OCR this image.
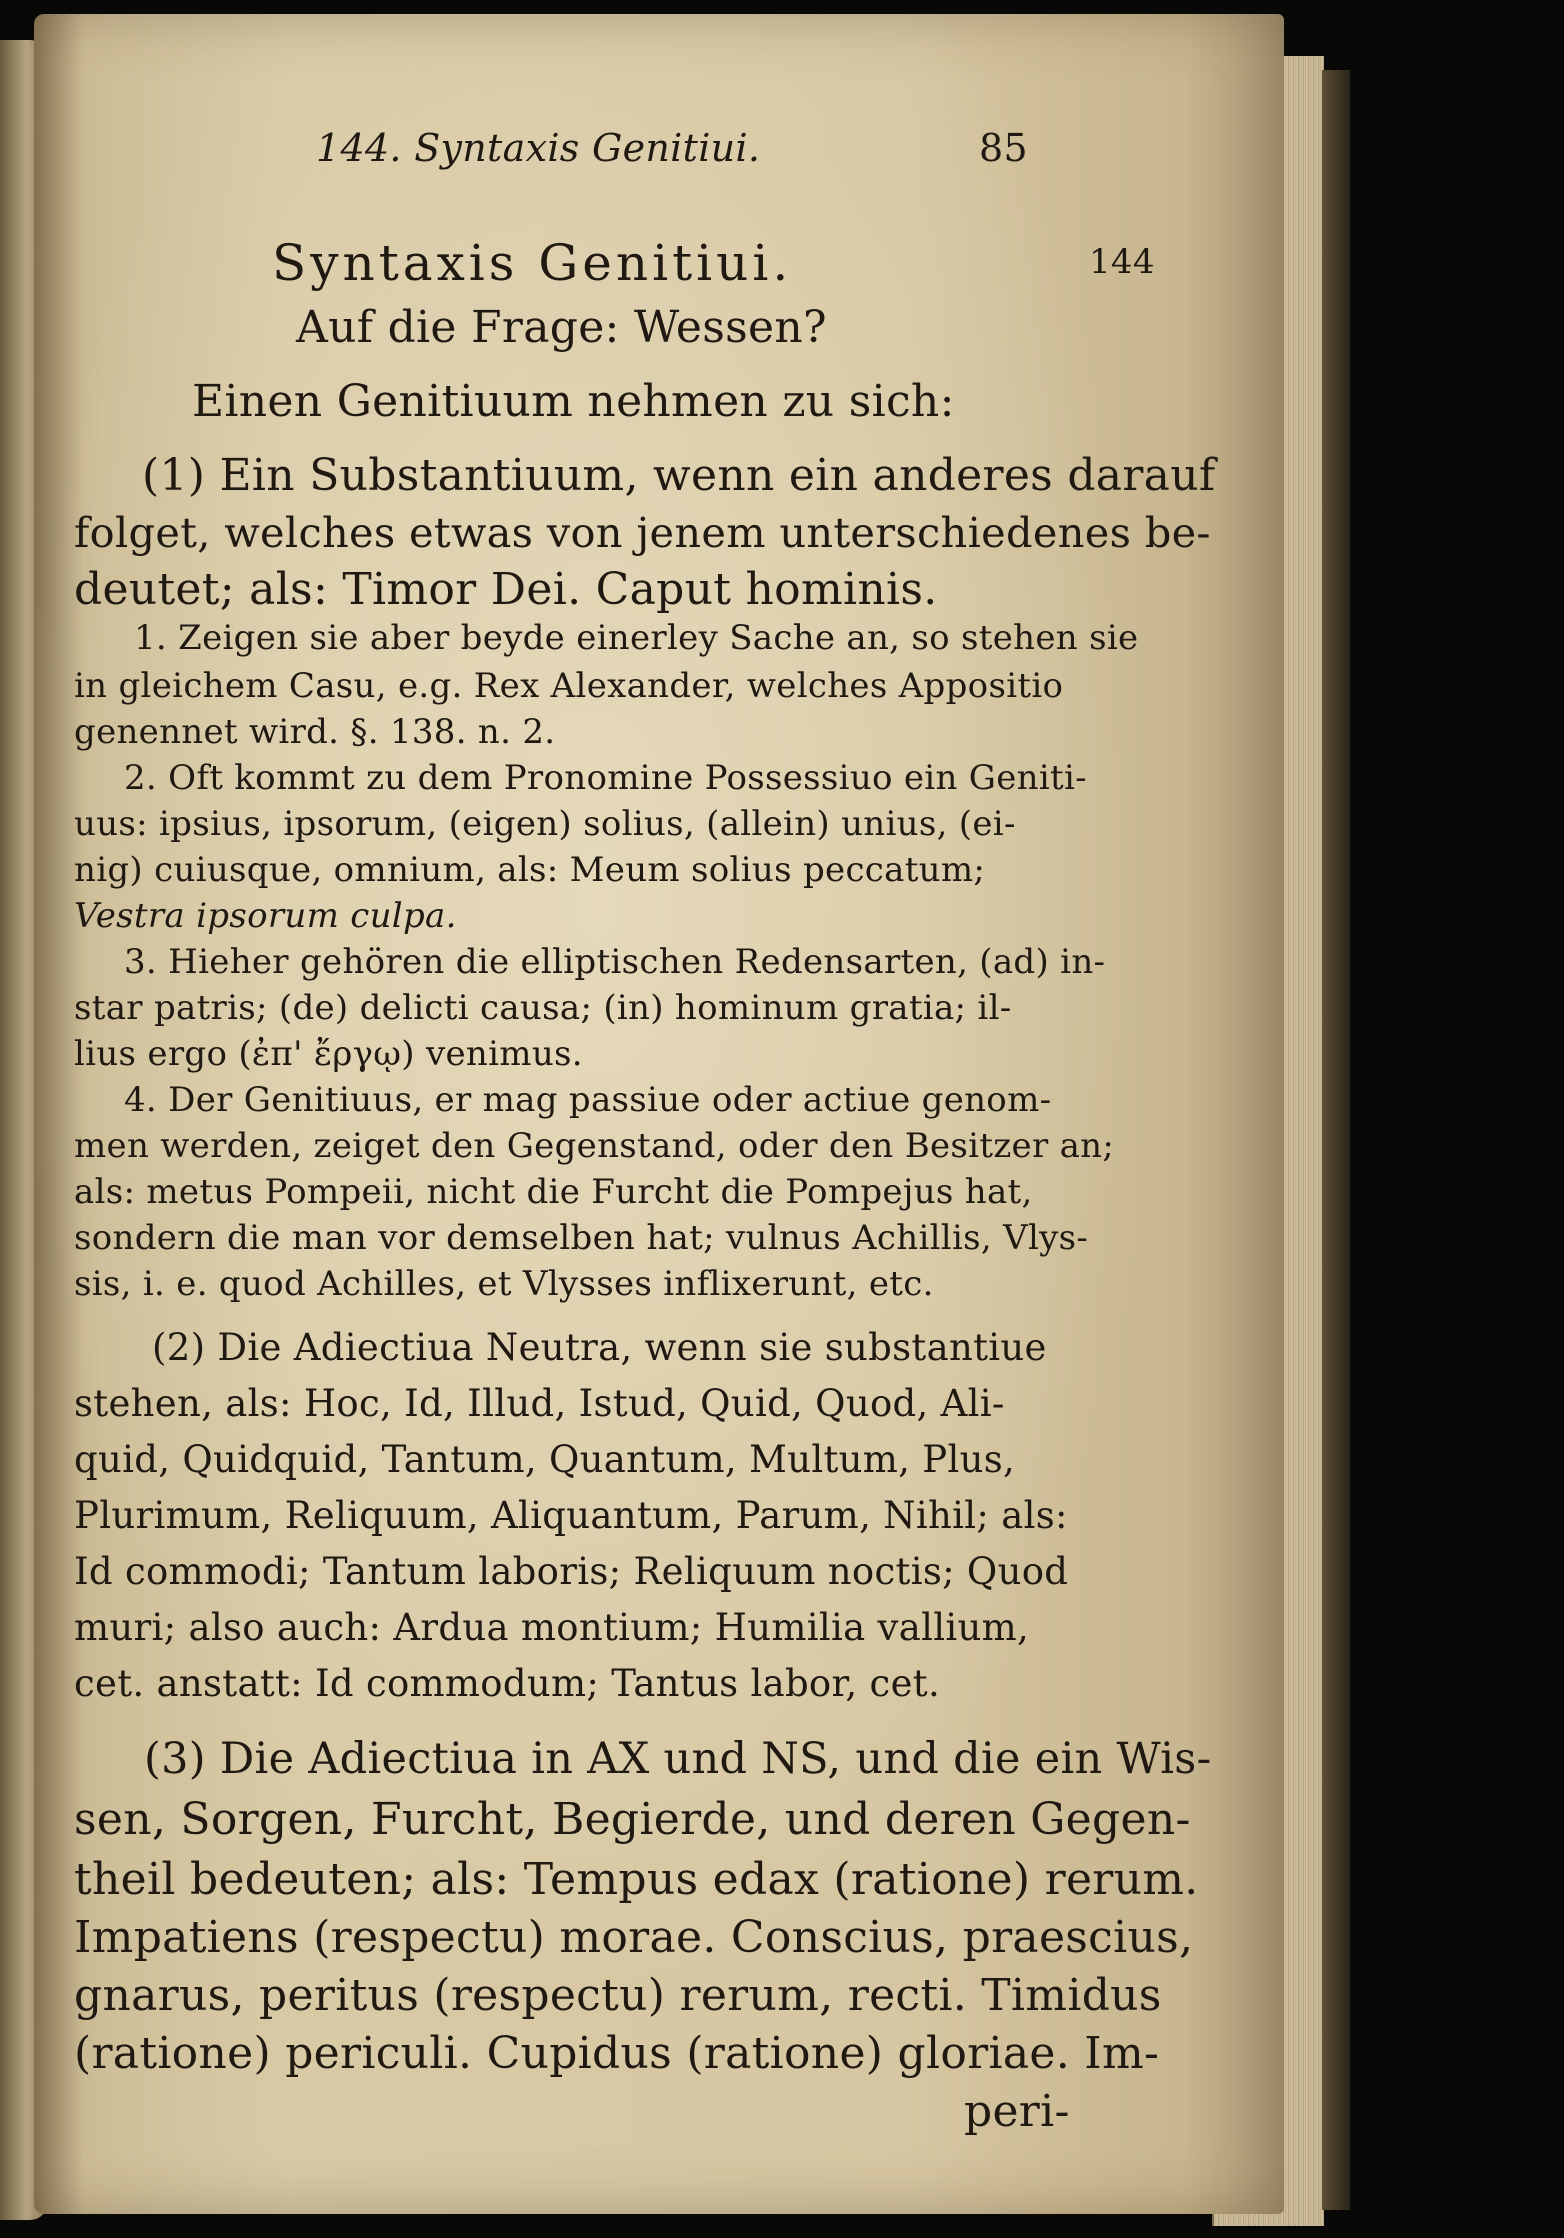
144. Syntaxis Genitiui.	85
144
Syntaxis Genitiui.
Auf die Frage: Wessen?
Einen Genitiuum nehmen zu sich:
(1) Ein Substantiuum, wenn ein anderes darauf
folget, welches etwas von jenem unterschiedenes be-
deutet; als: Timor Dei. Caput hominis.
1. Zeigen sie aber beyde einerley Sache an, so stehen sie
in gleichem Casu, e.g. Rex Alexander, welches Appositio
genennet wird. §. 138. n. 2.
2. Oft kommt zu dem Pronomine Possessiuo ein Geniti-
uus: ipsius, ipsorum, (eigen) solius, (allein) unius, (ei-
nig) cuiusque, omnium, als: Meum solius peccatum;
Vestra ipsorum culpa.
3. Hieher gehören die elliptischen Redensarten, (ad) in-
star patris; (de) delicti causa; (in) hominum gratia; il-
lius ergo (ἐπ' ἔργῳ) venimus.
4. Der Genitiuus, er mag passiue oder actiue genom-
men werden, zeiget den Gegenstand, oder den Besitzer an;
als: metus Pompeii, nicht die Furcht die Pompejus hat,
sondern die man vor demselben hat; vulnus Achillis, Vlys-
sis, i. e. quod Achilles, et Vlysses inflixerunt, etc.
(2) Die Adiectiua Neutra, wenn sie substantiue
stehen, als: Hoc, Id, Illud, Istud, Quid, Quod, Ali-
quid, Quidquid, Tantum, Quantum, Multum, Plus,
Plurimum, Reliquum, Aliquantum, Parum, Nihil; als:
Id commodi; Tantum laboris; Reliquum noctis; Quod
muri; also auch: Ardua montium; Humilia vallium,
cet. anstatt: Id commodum; Tantus labor, cet.
(3) Die Adiectiua in AX und NS, und die ein Wis-
sen, Sorgen, Furcht, Begierde, und deren Gegen-
theil bedeuten; als: Tempus edax (ratione) rerum.
Impatiens (respectu) morae. Conscius, praescius,
gnarus, peritus (respectu) rerum, recti. Timidus
(ratione) periculi. Cupidus (ratione) gloriae. Im-
peri-
